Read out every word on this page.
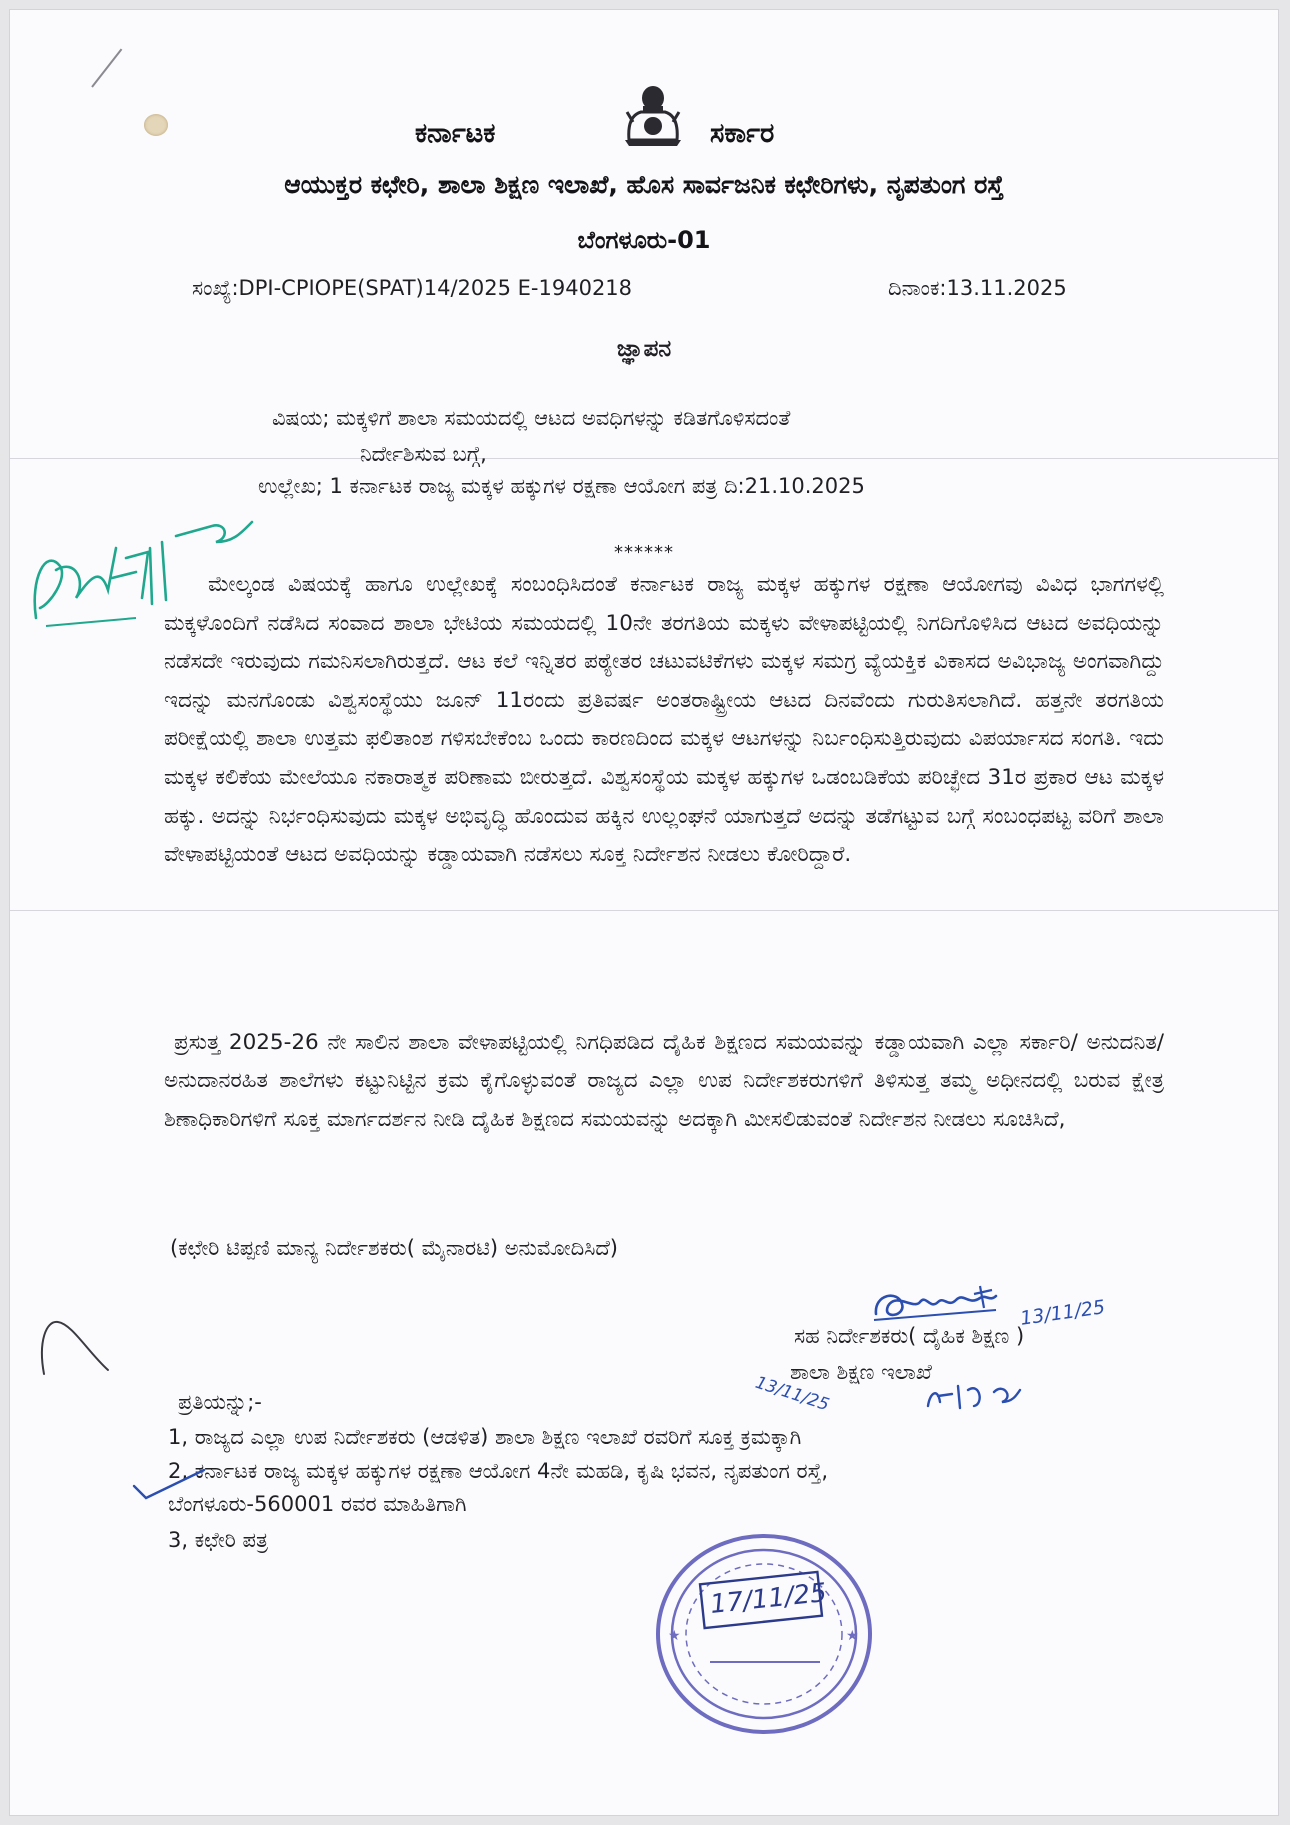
ಕರ್ನಾಟಕ	ಸರ್ಕಾರ
ಆಯುಕ್ತರ ಕಛೇರಿ, ಶಾಲಾ ಶಿಕ್ಷಣ ಇಲಾಖೆ, ಹೊಸ ಸಾರ್ವಜನಿಕ ಕಛೇರಿಗಳು, ನೃಪತುಂಗ ರಸ್ತೆ
ಬೆಂಗಳೂರು-01
ಸಂಖ್ಯೆ:DPI-CPIOPE(SPAT)14/2025 E-1940218	ದಿನಾಂಕ:13.11.2025
ಜ್ಞಾಪನ
ವಿಷಯ; ಮಕ್ಕಳಿಗೆ ಶಾಲಾ ಸಮಯದಲ್ಲಿ ಆಟದ ಅವಧಿಗಳನ್ನು ಕಡಿತಗೊಳಿಸದಂತೆ
ನಿರ್ದೇಶಿಸುವ ಬಗ್ಗೆ,
ಉಲ್ಲೇಖ; 1 ಕರ್ನಾಟಕ ರಾಜ್ಯ ಮಕ್ಕಳ ಹಕ್ಕುಗಳ ರಕ್ಷಣಾ ಆಯೋಗ ಪತ್ರ ದಿ:21.10.2025
******
ಮೇಲ್ಕಂಡ ವಿಷಯಕ್ಕೆ ಹಾಗೂ ಉಲ್ಲೇಖಕ್ಕೆ ಸಂಬಂಧಿಸಿದಂತೆ ಕರ್ನಾಟಕ ರಾಜ್ಯ ಮಕ್ಕಳ ಹಕ್ಕುಗಳ ರಕ್ಷಣಾ ಆಯೋಗವು ವಿವಿಧ ಭಾಗಗಳಲ್ಲಿ ಮಕ್ಕಳೊಂದಿಗೆ ನಡೆಸಿದ ಸಂವಾದ ಶಾಲಾ ಭೇಟಿಯ ಸಮಯದಲ್ಲಿ 10ನೇ ತರಗತಿಯ ಮಕ್ಕಳು ವೇಳಾಪಟ್ಟಿಯಲ್ಲಿ ನಿಗದಿಗೊಳಿಸಿದ ಆಟದ ಅವಧಿಯನ್ನು ನಡೆಸದೇ ಇರುವುದು ಗಮನಿಸಲಾಗಿರುತ್ತದೆ. ಆಟ ಕಲೆ ಇನ್ನಿತರ ಪಠ್ಯೇತರ ಚಟುವಟಿಕೆಗಳು ಮಕ್ಕಳ ಸಮಗ್ರ ವ್ಯೆಯಕ್ತಿಕ ವಿಕಾಸದ ಅವಿಭಾಜ್ಯ ಅಂಗವಾಗಿದ್ದು ಇದನ್ನು ಮನಗೊಂಡು ವಿಶ್ವಸಂಸ್ಥೆಯು ಜೂನ್ 11ರಂದು ಪ್ರತಿವರ್ಷ ಅಂತರಾಷ್ಟ್ರೀಯ ಆಟದ ದಿನವೆಂದು ಗುರುತಿಸಲಾಗಿದೆ. ಹತ್ತನೇ ತರಗತಿಯ ಪರೀಕ್ಷೆಯಲ್ಲಿ ಶಾಲಾ ಉತ್ತಮ ಫಲಿತಾಂಶ ಗಳಿಸಬೇಕೆಂಬ ಒಂದು ಕಾರಣದಿಂದ ಮಕ್ಕಳ ಆಟಗಳನ್ನು ನಿರ್ಬಂಧಿಸುತ್ತಿರುವುದು ವಿಪರ್ಯಾಸದ ಸಂಗತಿ. ಇದು ಮಕ್ಕಳ ಕಲಿಕೆಯ ಮೇಲೆಯೂ ನಕಾರಾತ್ಮಕ ಪರಿಣಾಮ ಬೀರುತ್ತದೆ. ವಿಶ್ವಸಂಸ್ಥೆಯ ಮಕ್ಕಳ ಹಕ್ಕುಗಳ ಒಡಂಬಡಿಕೆಯ ಪರಿಚ್ಛೇದ 31ರ ಪ್ರಕಾರ ಆಟ ಮಕ್ಕಳ ಹಕ್ಕು. ಅದನ್ನು ನಿರ್ಭಂಧಿಸುವುದು ಮಕ್ಕಳ ಅಭಿವೃದ್ಧಿ ಹೊಂದುವ ಹಕ್ಕಿನ ಉಲ್ಲಂಘನೆ ಯಾಗುತ್ತದೆ ಅದನ್ನು ತಡೆಗಟ್ಟುವ ಬಗ್ಗೆ ಸಂಬಂಧಪಟ್ಟ ವರಿಗೆ ಶಾಲಾ ವೇಳಾಪಟ್ಟಿಯಂತೆ ಆಟದ ಅವಧಿಯನ್ನು ಕಡ್ಡಾಯವಾಗಿ ನಡೆಸಲು ಸೂಕ್ತ ನಿರ್ದೇಶನ ನೀಡಲು ಕೋರಿದ್ದಾರೆ.
ಪ್ರಸುತ್ತ 2025-26 ನೇ ಸಾಲಿನ ಶಾಲಾ ವೇಳಾಪಟ್ಟಿಯಲ್ಲಿ ನಿಗಧಿಪಡಿದ ದೈಹಿಕ ಶಿಕ್ಷಣದ ಸಮಯವನ್ನು ಕಡ್ಡಾಯವಾಗಿ ಎಲ್ಲಾ ಸರ್ಕಾರಿ/ ಅನುದನಿತ/ ಅನುದಾನರಹಿತ ಶಾಲೆಗಳು ಕಟ್ಟುನಿಟ್ಟಿನ ಕ್ರಮ ಕೈಗೊಳ್ಳುವಂತೆ ರಾಜ್ಯದ ಎಲ್ಲಾ ಉಪ ನಿರ್ದೇಶಕರುಗಳಿಗೆ ತಿಳಿಸುತ್ತ ತಮ್ಮ ಅಧೀನದಲ್ಲಿ ಬರುವ ಕ್ಷೇತ್ರ ಶಿಣಾಧಿಕಾರಿಗಳಿಗೆ ಸೂಕ್ತ ಮಾರ್ಗದರ್ಶನ ನೀಡಿ ದೈಹಿಕ ಶಿಕ್ಷಣದ ಸಮಯವನ್ನು ಅದಕ್ಕಾಗಿ ಮೀಸಲಿಡುವಂತೆ ನಿರ್ದೇಶನ ನೀಡಲು ಸೂಚಿಸಿದೆ,
(ಕಛೇರಿ ಟಿಪ್ಪಣಿ ಮಾನ್ಯ ನಿರ್ದೇಶಕರು( ಮೈನಾರಟಿ) ಅನುಮೋದಿಸಿದೆ)
13/11/25
ಸಹ ನಿರ್ದೇಶಕರು( ದೈಹಿಕ ಶಿಕ್ಷಣ )
ಶಾಲಾ ಶಿಕ್ಷಣ ಇಲಾಖೆ
13/11/25
ಪ್ರತಿಯನ್ನು;-
1, ರಾಜ್ಯದ ಎಲ್ಲಾ ಉಪ ನಿರ್ದೇಶಕರು (ಆಡಳಿತ) ಶಾಲಾ ಶಿಕ್ಷಣ ಇಲಾಖೆ ರವರಿಗೆ ಸೂಕ್ತ ಕ್ರಮಕ್ಕಾಗಿ
2, ಕರ್ನಾಟಕ ರಾಜ್ಯ ಮಕ್ಕಳ ಹಕ್ಕುಗಳ ರಕ್ಷಣಾ ಆಯೋಗ 4ನೇ ಮಹಡಿ, ಕೃಷಿ ಭವನ, ನೃಪತುಂಗ ರಸ್ತೆ,
ಬೆಂಗಳೂರು-560001 ರವರ ಮಾಹಿತಿಗಾಗಿ
3, ಕಛೇರಿ ಪತ್ರ
★	★
17/11/25
